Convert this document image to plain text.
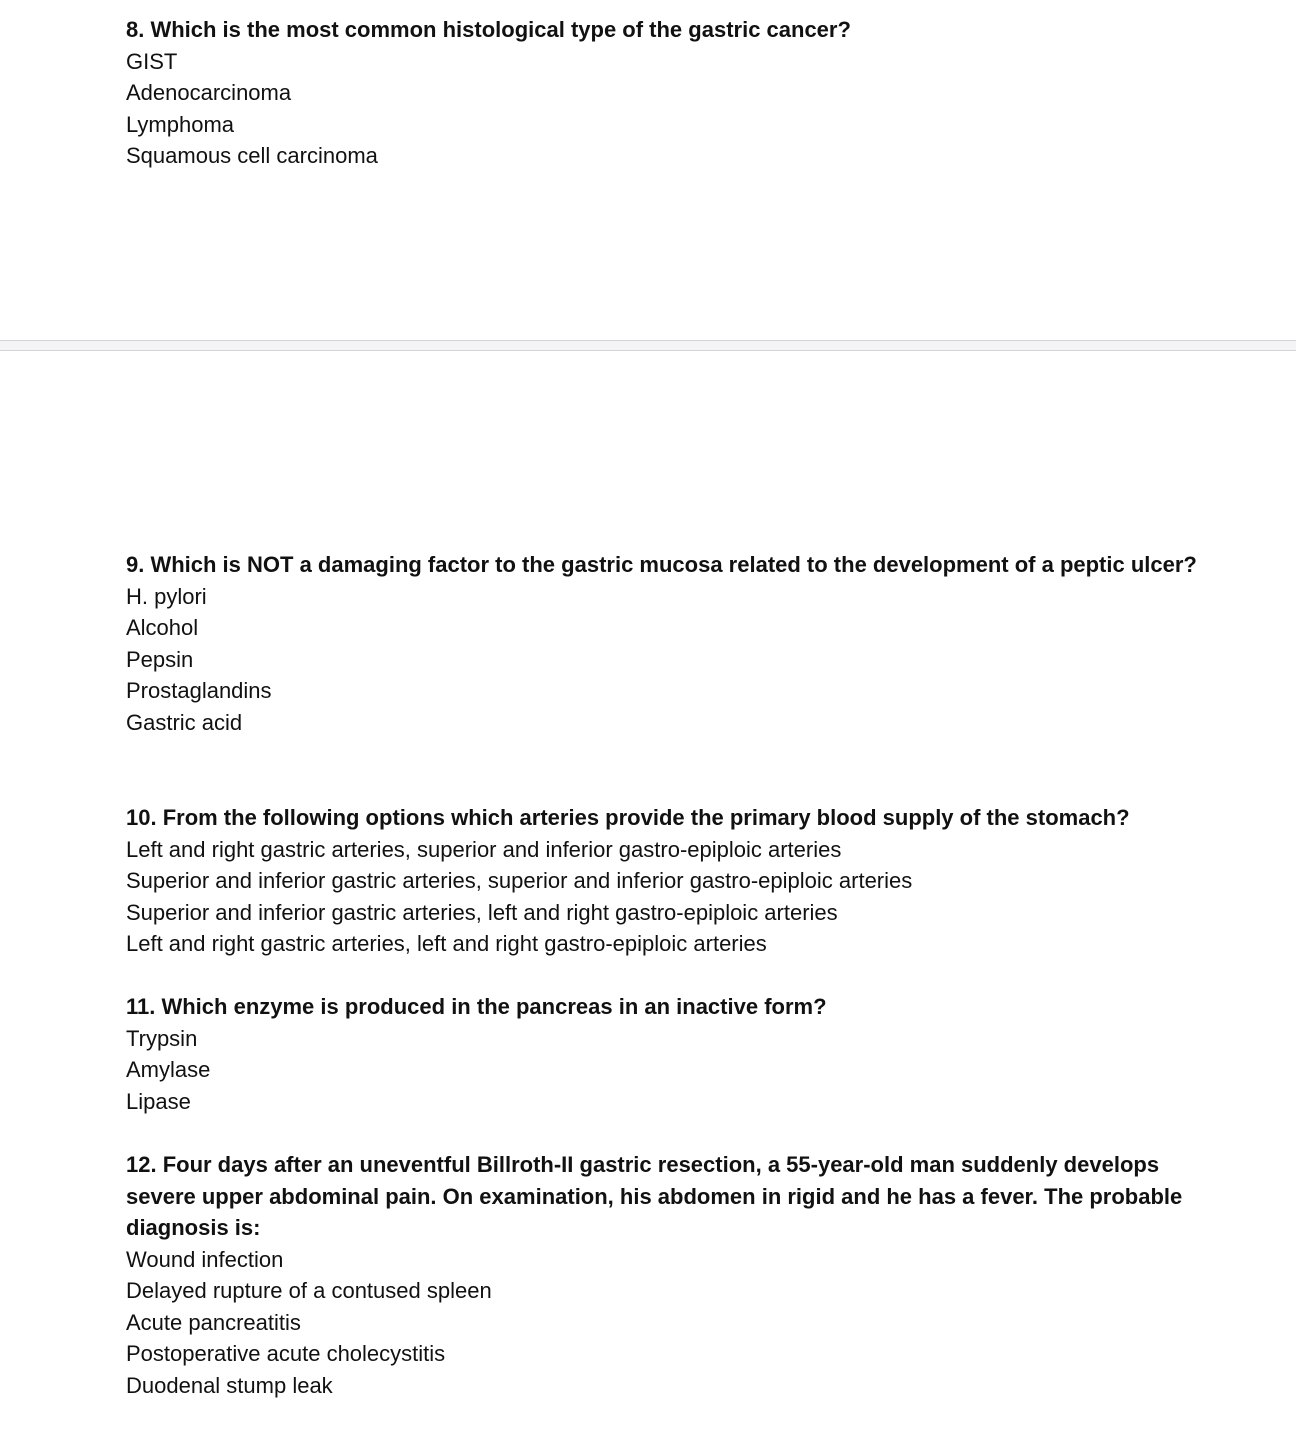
8. Which is the most common histological type of the gastric cancer?

GIST
Adenocarcinoma
Lymphoma
Squamous cell carcinoma

9. Which is NOT a damaging factor to the gastric mucosa related to the development of a peptic ulcer?

H. pylori
Alcohol
Pepsin
Prostaglandins
Gastric acid

10. From the following options which arteries provide the primary blood supply of the stomach?

Left and right gastric arteries, superior and inferior gastro-epiploic arteries
Superior and inferior gastric arteries, superior and inferior gastro-epiploic arteries
Superior and inferior gastric arteries, left and right gastro-epiploic arteries
Left and right gastric arteries, left and right gastro-epiploic arteries

11. Which enzyme is produced in the pancreas in an inactive form?

Trypsin
Amylase
Lipase

12. Four days after an uneventful Billroth-II gastric resection, a 55-year-old man suddenly develops severe upper abdominal pain. On examination, his abdomen in rigid and he has a fever. The probable diagnosis is:

Wound infection
Delayed rupture of a contused spleen
Acute pancreatitis
Postoperative acute cholecystitis
Duodenal stump leak
